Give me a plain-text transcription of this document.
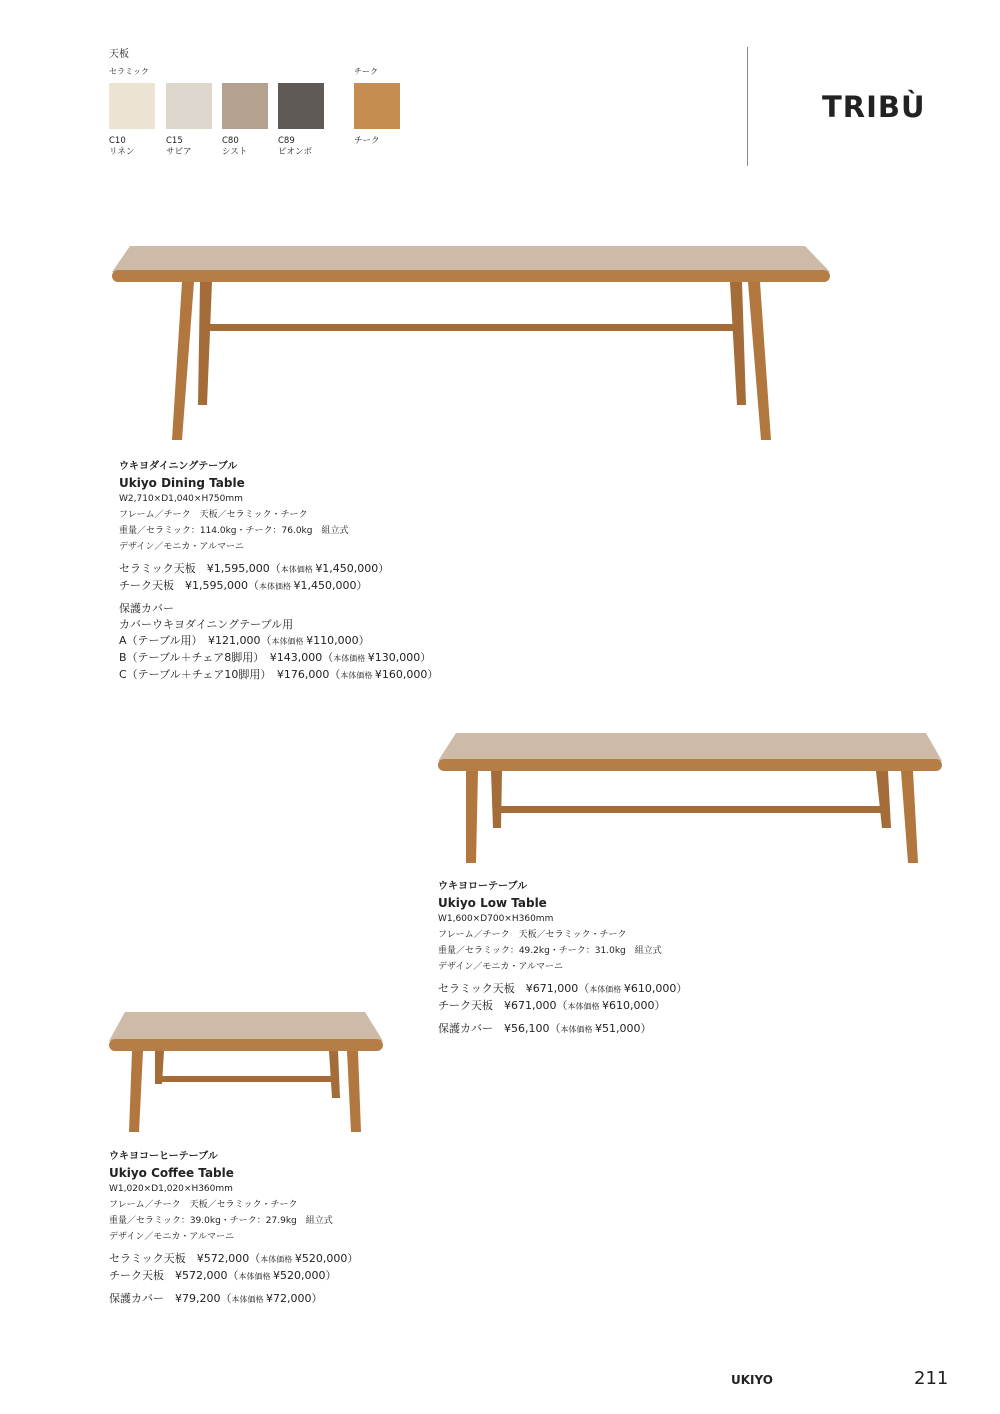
天板
セラミック	チーク
C10
リネン
C15
サビア
C80
シスト
C89
ピオンボ
チーク
TRIBÙ
ウキヨダイニングテーブル
Ukiyo Dining Table
W2,710×D1,040×H750mm
フレーム／チーク　天板／セラミック・チーク
重量／セラミック：114.0kg・チーク：76.0kg　組立式
デザイン／モニカ・アルマーニ
セラミック天板　¥1,595,000（本体価格 ¥1,450,000）
チーク天板　¥1,595,000（本体価格 ¥1,450,000）
保護カバー
カバーウキヨダイニングテーブル用
A（テーブル用）　¥121,000（本体価格 ¥110,000）
B（テーブル＋チェア8脚用）　¥143,000（本体価格 ¥130,000）
C（テーブル＋チェア10脚用）　¥176,000（本体価格 ¥160,000）
ウキヨローテーブル
Ukiyo Low Table
W1,600×D700×H360mm
フレーム／チーク　天板／セラミック・チーク
重量／セラミック：49.2kg・チーク：31.0kg　組立式
デザイン／モニカ・アルマーニ
セラミック天板　¥671,000（本体価格 ¥610,000）
チーク天板　¥671,000（本体価格 ¥610,000）
保護カバー　¥56,100（本体価格 ¥51,000）
ウキヨコーヒーテーブル
Ukiyo Coffee Table
W1,020×D1,020×H360mm
フレーム／チーク　天板／セラミック・チーク
重量／セラミック：39.0kg・チーク：27.9kg　組立式
デザイン／モニカ・アルマーニ
セラミック天板　¥572,000（本体価格 ¥520,000）
チーク天板　¥572,000（本体価格 ¥520,000）
保護カバー　¥79,200（本体価格 ¥72,000）
UKIYO	211
